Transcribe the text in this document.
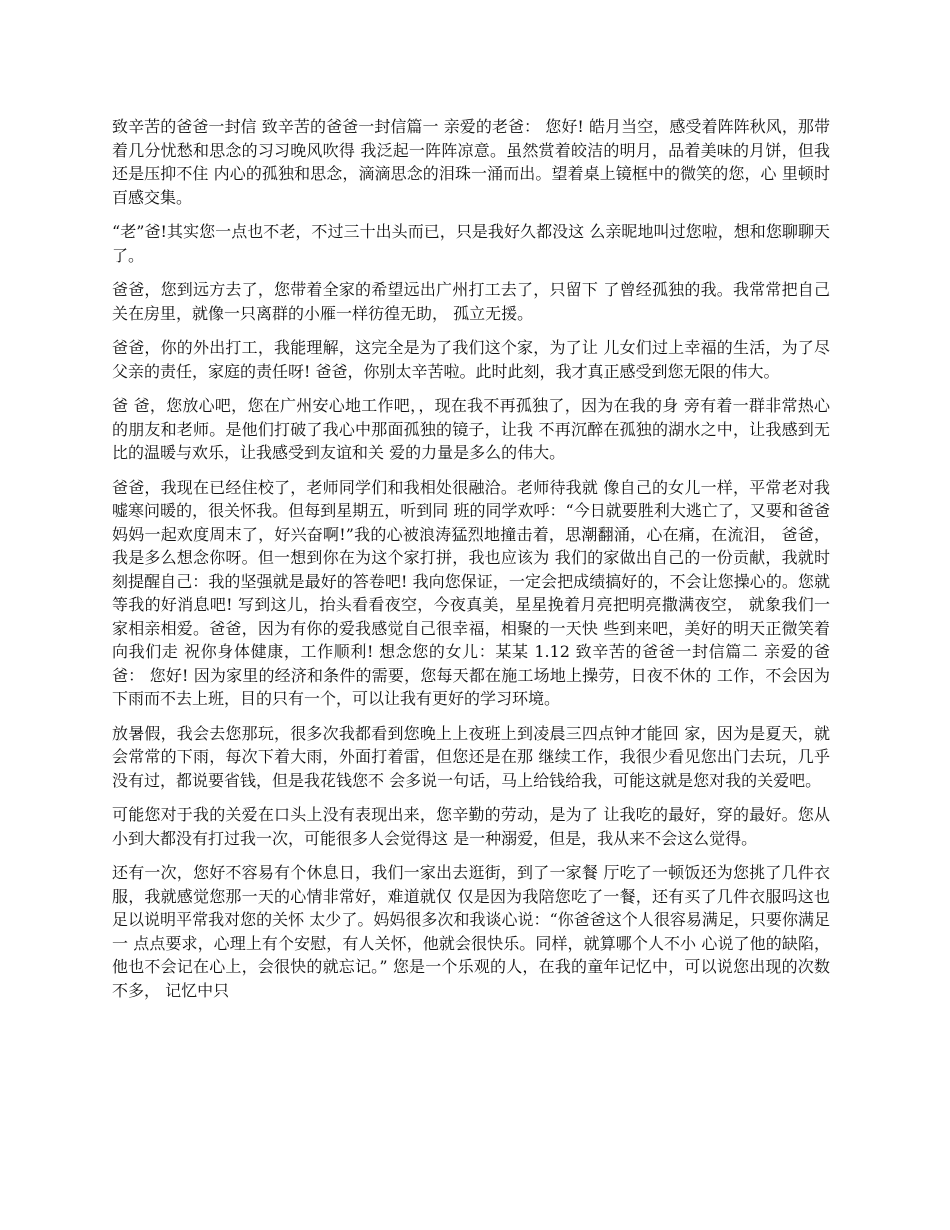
致辛苦的爸爸一封信 致辛苦的爸爸一封信篇一 亲爱的老爸： 您好! 皓月当空，感受着阵阵秋风，那带着几分忧愁和思念的习习晚风吹得 我泛起一阵阵凉意。虽然赏着皎洁的明月，品着美味的月饼，但我还是压抑不住 内心的孤独和思念，滴滴思念的泪珠一涌而出。望着桌上镜框中的微笑的您，心 里顿时百感交集。

“老”爸!其实您一点也不老，不过三十出头而已，只是我好久都没这 么亲昵地叫过您啦，想和您聊聊天了。

爸爸，您到远方去了，您带着全家的希望远出广州打工去了，只留下 了曾经孤独的我。我常常把自己关在房里，就像一只离群的小雁一样彷徨无助， 孤立无援。

爸爸，你的外出打工，我能理解，这完全是为了我们这个家，为了让 儿女们过上幸福的生活，为了尽父亲的责任，家庭的责任呀! 爸爸，你别太辛苦啦。此时此刻，我才真正感受到您无限的伟大。

爸 爸，您放心吧，您在广州安心地工作吧，，现在我不再孤独了，因为在我的身 旁有着一群非常热心的朋友和老师。是他们打破了我心中那面孤独的镜子，让我 不再沉醉在孤独的湖水之中，让我感到无比的温暖与欢乐，让我感受到友谊和关 爱的力量是多么的伟大。

爸爸，我现在已经住校了，老师同学们和我相处很融洽。老师待我就 像自己的女儿一样，平常老对我嘘寒问暖的，很关怀我。但每到星期五，听到同 班的同学欢呼：“今日就要胜利大逃亡了，又要和爸爸妈妈一起欢度周末了，好兴奋啊!”我的心被浪涛猛烈地撞击着，思潮翻涌，心在痛，在流泪， 爸爸，我是多么想念你呀。但一想到你在为这个家打拼，我也应该为 我们的家做出自己的一份贡献，我就时刻提醒自己：我的坚强就是最好的答卷吧! 我向您保证，一定会把成绩搞好的，不会让您操心的。您就等我的好消息吧! 写到这儿，抬头看看夜空，今夜真美，星星挽着月亮把明亮撒满夜空， 就象我们一家相亲相爱。爸爸，因为有你的爱我感觉自己很幸福，相聚的一天快 些到来吧，美好的明天正微笑着向我们走 祝你身体健康，工作顺利! 想念您的女儿：某某 1.12 致辛苦的爸爸一封信篇二 亲爱的爸爸： 您好! 因为家里的经济和条件的需要，您每天都在施工场地上操劳，日夜不休的 工作，不会因为下雨而不去上班，目的只有一个，可以让我有更好的学习环境。

放暑假，我会去您那玩，很多次我都看到您晚上上夜班上到凌晨三四点钟才能回 家，因为是夏天，就会常常的下雨，每次下着大雨，外面打着雷，但您还是在那 继续工作，我很少看见您出门去玩，几乎没有过，都说要省钱，但是我花钱您不 会多说一句话，马上给钱给我，可能这就是您对我的关爱吧。

可能您对于我的关爱在口头上没有表现出来，您辛勤的劳动，是为了 让我吃的最好，穿的最好。您从小到大都没有打过我一次，可能很多人会觉得这 是一种溺爱，但是，我从来不会这么觉得。

还有一次，您好不容易有个休息日，我们一家出去逛街，到了一家餐 厅吃了一顿饭还为您挑了几件衣服，我就感觉您那一天的心情非常好，难道就仅 仅是因为我陪您吃了一餐，还有买了几件衣服吗这也足以说明平常我对您的关怀 太少了。妈妈很多次和我谈心说：“你爸爸这个人很容易满足，只要你满足一 点点要求，心理上有个安慰，有人关怀，他就会很快乐。同样，就算哪个人不小 心说了他的缺陷，他也不会记在心上，会很快的就忘记。” 您是一个乐观的人，在我的童年记忆中，可以说您出现的次数不多， 记忆中只
